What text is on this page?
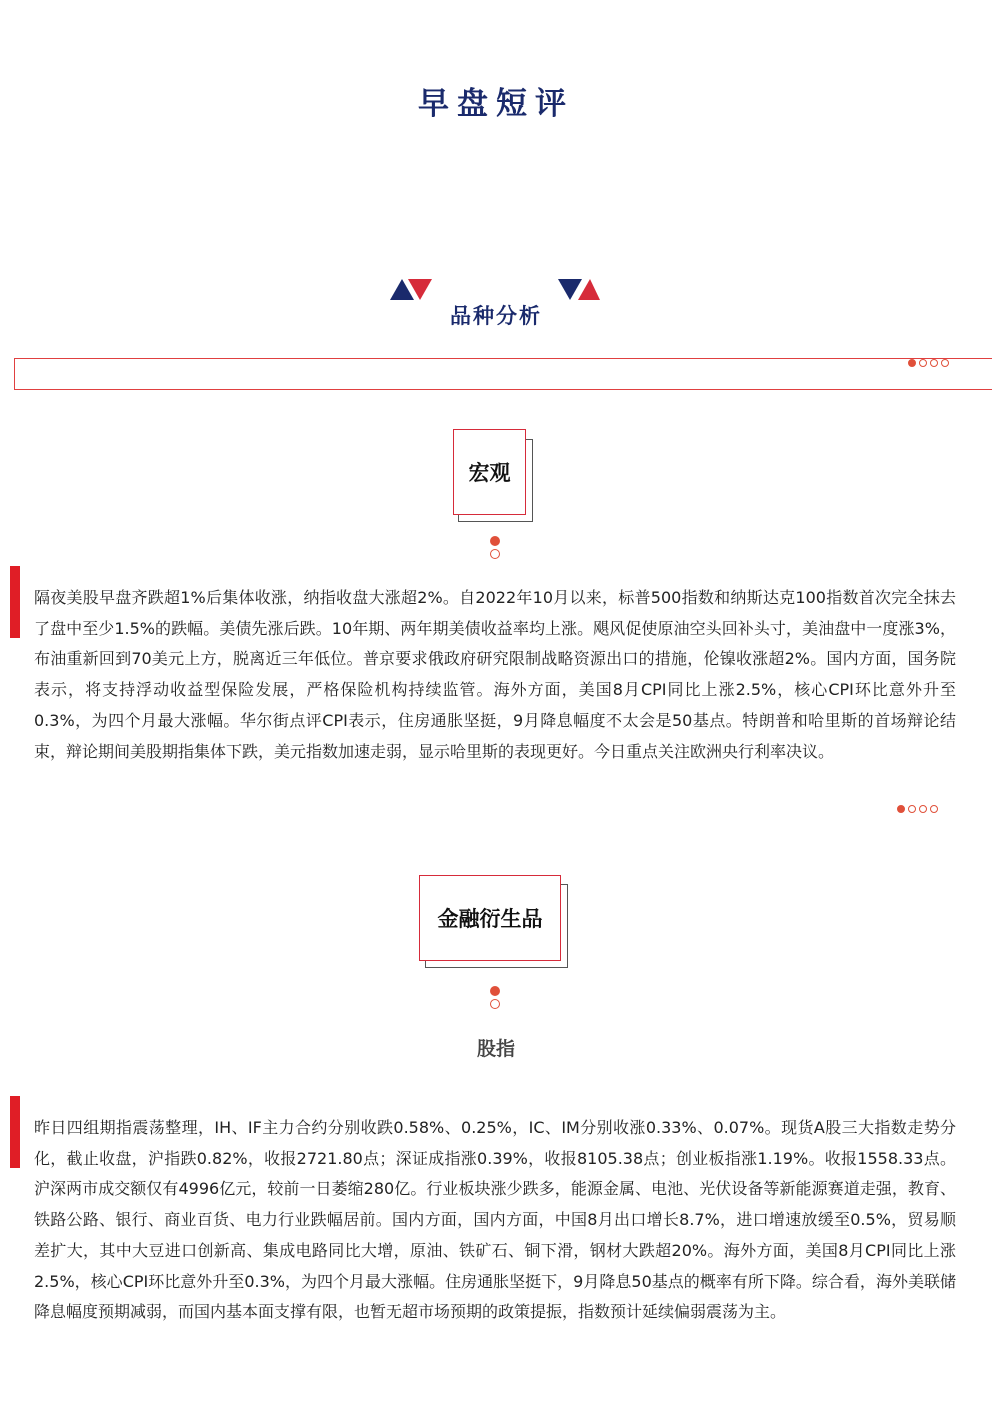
早盘短评
品种分析
宏观
隔夜美股早盘齐跌超1%后集体收涨，纳指收盘大涨超2%。自2022年10月以来，标普500指数和纳斯达克100指数首次完全抹去了盘中至少1.5%的跌幅。美债先涨后跌。10年期、两年期美债收益率均上涨。飓风促使原油空头回补头寸，美油盘中一度涨3%，布油重新回到70美元上方，脱离近三年低位。普京要求俄政府研究限制战略资源出口的措施，伦镍收涨超2%。国内方面，国务院表示，将支持浮动收益型保险发展，严格保险机构持续监管。海外方面，美国8月CPI同比上涨2.5%，核心CPI环比意外升至0.3%，为四个月最大涨幅。华尔街点评CPI表示，住房通胀坚挺，9月降息幅度不太会是50基点。特朗普和哈里斯的首场辩论结束，辩论期间美股期指集体下跌，美元指数加速走弱，显示哈里斯的表现更好。今日重点关注欧洲央行利率决议。
金融衍生品
股指
昨日四组期指震荡整理，IH、IF主力合约分别收跌0.58%、0.25%，IC、IM分别收涨0.33%、0.07%。现货A股三大指数走势分化，截止收盘，沪指跌0.82%，收报2721.80点；深证成指涨0.39%，收报8105.38点；创业板指涨1.19%。收报1558.33点。沪深两市成交额仅有4996亿元，较前一日萎缩280亿。行业板块涨少跌多，能源金属、电池、光伏设备等新能源赛道走强，教育、铁路公路、银行、商业百货、电力行业跌幅居前。国内方面，国内方面，中国8月出口增长8.7%，进口增速放缓至0.5%，贸易顺差扩大，其中大豆进口创新高、集成电路同比大增，原油、铁矿石、铜下滑，钢材大跌超20%。海外方面，美国8月CPI同比上涨2.5%，核心CPI环比意外升至0.3%，为四个月最大涨幅。住房通胀坚挺下，9月降息50基点的概率有所下降。综合看，海外美联储降息幅度预期减弱，而国内基本面支撑有限，也暂无超市场预期的政策提振，指数预计延续偏弱震荡为主。
